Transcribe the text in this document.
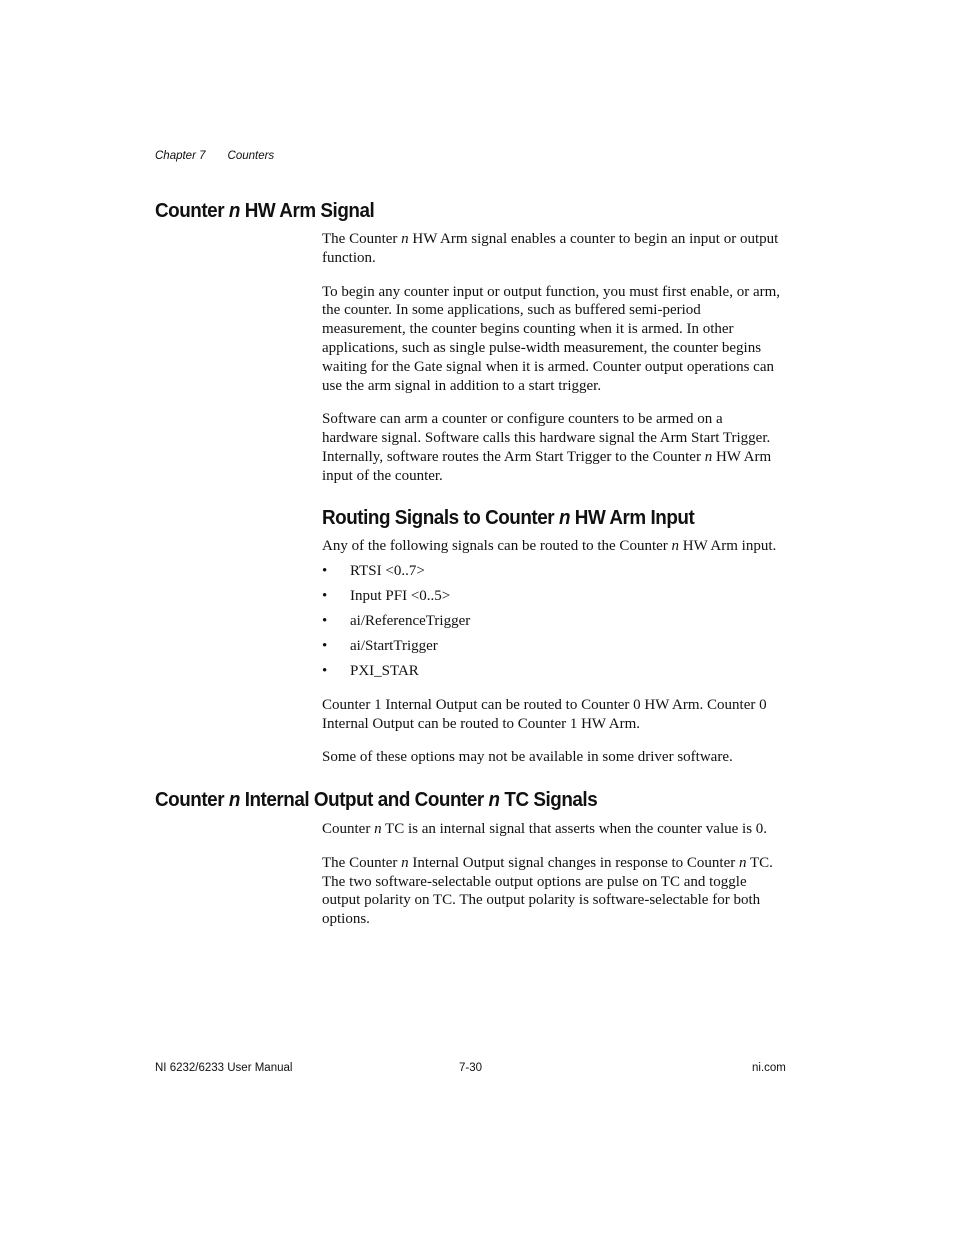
Chapter 7 Counters
Counter n HW Arm Signal

The Counter n HW Arm signal enables a counter to begin an input or output
function.

To begin any counter input or output function, you must first enable, or arm,
the counter. In some applications, such as buffered semi-period
measurement, the counter begins counting when it is armed. In other
applications, such as single pulse-width measurement, the counter begins
waiting for the Gate signal when it is armed. Counter output operations can
use the arm signal in addition to a start trigger.

Software can arm a counter or configure counters to be armed on a
hardware signal. Software calls this hardware signal the Arm Start Trigger.
Internally, software routes the Arm Start Trigger to the Counter n HW Arm
input of the counter.

Routing Signals to Counter n HW Arm Input

Any of the following signals can be routed to the Counter n HW Arm input.

• RTSI <0..7>
• Input PFI <0..5>
• ai/ReferenceTrigger
• ai/StartTrigger
• PXI_STAR

Counter 1 Internal Output can be routed to Counter 0 HW Arm. Counter 0
Internal Output can be routed to Counter 1 HW Arm.

Some of these options may not be available in some driver software.

Counter n Internal Output and Counter n TC Signals

Counter n TC is an internal signal that asserts when the counter value is 0.

The Counter n Internal Output signal changes in response to Counter n TC.
The two software-selectable output options are pulse on TC and toggle
output polarity on TC. The output polarity is software-selectable for both
options.

NI 6232/6233 User Manual	7-30	ni.com
